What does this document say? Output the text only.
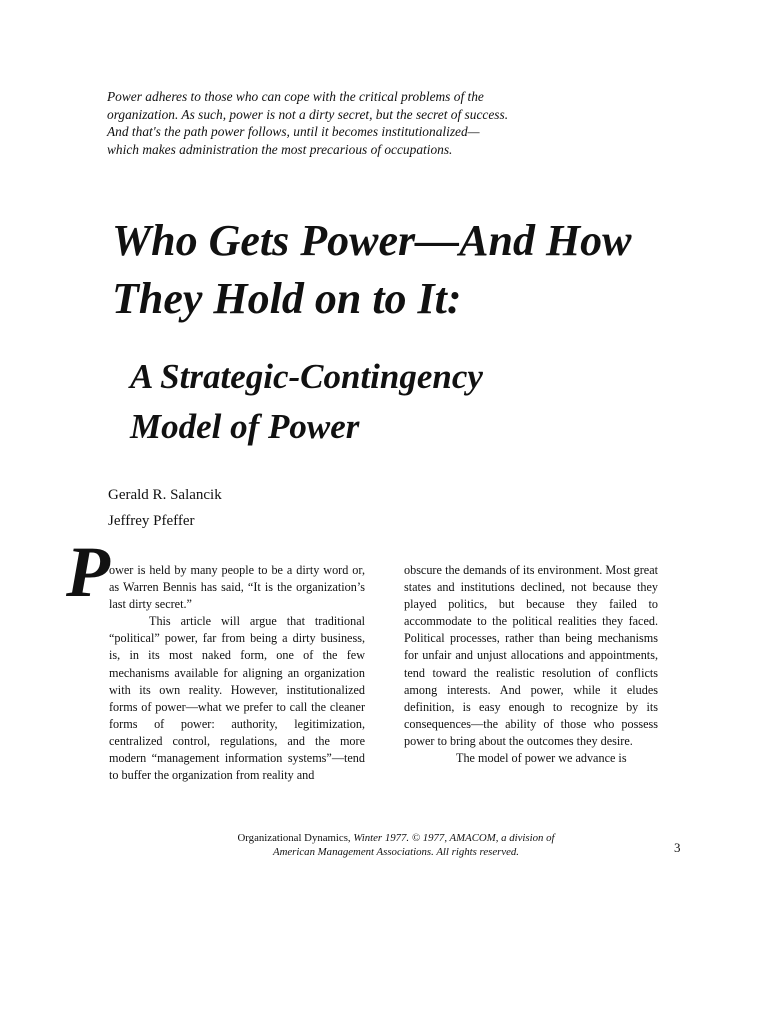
Power adheres to those who can cope with the critical problems of the

organization. As such, power is not a dirty secret, but the secret of success.

And that's the path power follows, until it becomes institutionalized—

which makes administration the most precarious of occupations.

Who Gets Power—And How
They Hold on to It:
A Strategic-Contingency
Model of Power
Gerald R. Salancik
Jeffrey Pfeffer
P ower is held by many people to be a dirty word or, as Warren Bennis has said, “It is the organization’s last dirty secret.”

This article will argue that traditional “political” power, far from being a dirty business, is, in its most naked form, one of the few mechanisms available for aligning an organization with its own reality. However, institutionalized forms of power—what we prefer to call the cleaner forms of power: authority, legitimization, centralized control, regulations, and the more modern “management information systems”—tend to buffer the organization from reality and

obscure the demands of its environment. Most great states and institutions declined, not because they played politics, but because they failed to accommodate to the political realities they faced. Political processes, rather than being mechanisms for unfair and unjust allocations and appointments, tend toward the realistic resolution of conflicts among interests. And power, while it eludes definition, is easy enough to recognize by its consequences—the ability of those who possess power to bring about the outcomes they desire.

The model of power we advance is

Organizational Dynamics, Winter 1977. © 1977, AMACOM, a division of
American Management Associations. All rights reserved.	3
